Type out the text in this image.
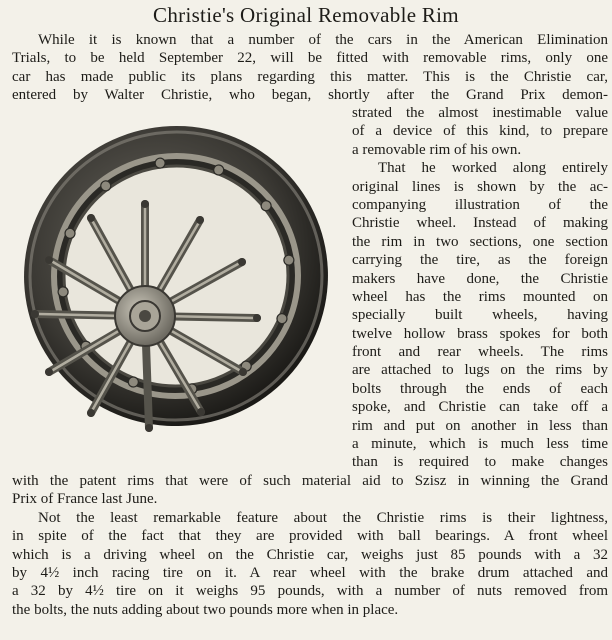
Christie's Original Removable Rim
While it is known that a number of the cars in the American Elimination
Trials, to be held September 22, will be fitted with removable rims, only one
car has made public its plans regarding this matter. This is the Christie car,
entered by Walter Christie, who began, shortly after the Grand Prix demon-
strated the almost inestimable value
of a device of this kind, to prepare
a removable rim of his own.
That he worked along entirely
original lines is shown by the ac-
companying illustration of the
Christie wheel. Instead of making
the rim in two sections, one section
carrying the tire, as the foreign
makers have done, the Christie
wheel has the rims mounted on
specially built wheels, having
twelve hollow brass spokes for both
front and rear wheels. The rims
are attached to lugs on the rims by
bolts through the ends of each
spoke, and Christie can take off a
rim and put on another in less than
a minute, which is much less time
than is required to make changes
with the patent rims that were of such material aid to Szisz in winning the Grand
Prix of France last June.
Not the least remarkable feature about the Christie rims is their lightness,
in spite of the fact that they are provided with ball bearings. A front wheel
which is a driving wheel on the Christie car, weighs just 85 pounds with a 32
by 4½ inch racing tire on it. A rear wheel with the brake drum attached and
a 32 by 4½ tire on it weighs 95 pounds, with a number of nuts removed from
the bolts, the nuts adding about two pounds more when in place.
